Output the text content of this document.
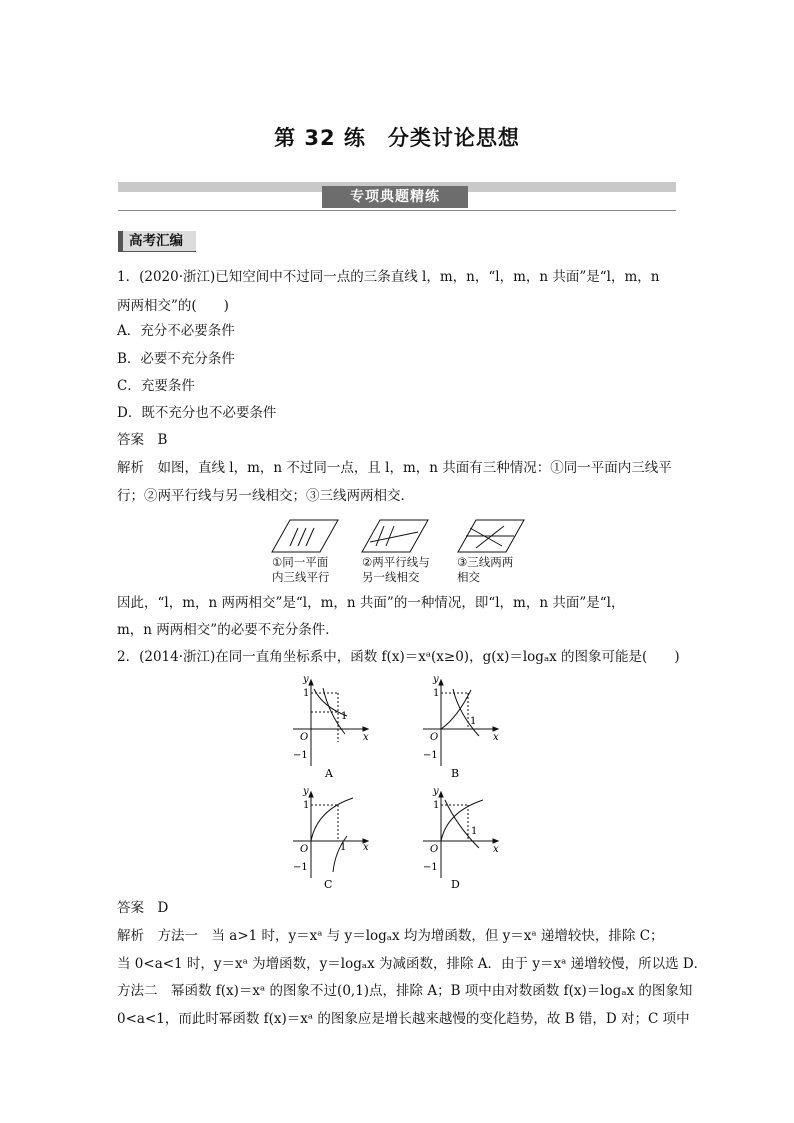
第 32 练　分类讨论思想
专项典题精练
高考汇编
1．(2020·浙江)已知空间中不过同一点的三条直线 l，m，n，“l，m，n 共面”是“l，m，n
两两相交”的(　　)
A．充分不必要条件
B．必要不充分条件
C．充要条件
D．既不充分也不必要条件
答案　B
解析　如图，直线 l，m，n 不过同一点，且 l，m，n 共面有三种情况：①同一平面内三线平
行；②两平行线与另一线相交；③三线两两相交．
①同一平面
内三线平行
②两平行线与
另一线相交
③三线两两
相交
因此，“l，m，n 两两相交”是“l，m，n 共面”的一种情况，即“l，m，n 共面”是“l，
m，n 两两相交”的必要不充分条件．
2．(2014·浙江)在同一直角坐标系中，函数 f(x)＝xᵃ(x≥0)，g(x)＝logₐx 的图象可能是(　　)
y
x
O
1
1
−1
A
y
x
O
1
1
−1
B
y
x
O
1
1
−1
C
y
x
O
1
1
−1
D
答案　D
解析　方法一　当 a>1 时，y＝xᵃ 与 y＝logₐx 均为增函数，但 y＝xᵃ 递增较快，排除 C；
当 0<a<1 时，y＝xᵃ 为增函数，y＝logₐx 为减函数，排除 A．由于 y＝xᵃ 递增较慢，所以选 D．
方法二　幂函数 f(x)＝xᵃ 的图象不过(0,1)点，排除 A；B 项中由对数函数 f(x)＝logₐx 的图象知
0<a<1，而此时幂函数 f(x)＝xᵃ 的图象应是增长越来越慢的变化趋势，故 B 错，D 对；C 项中
